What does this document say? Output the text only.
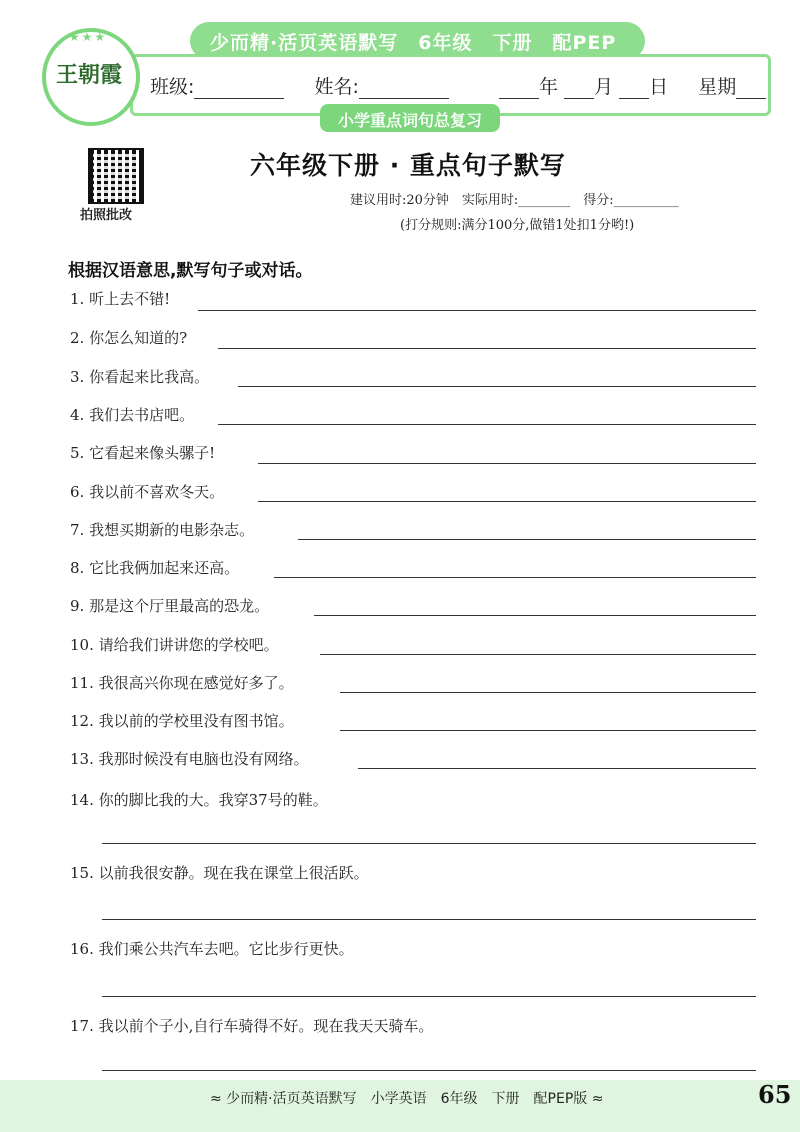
少而精·活页英语默写　6年级　下册　配PEP
班级:	姓名:	年 月 日 星期
小学重点词句总复习
★★★
王朝霞
拍照批改
六年级下册 · 重点句子默写
建议用时:20分钟　实际用时:________　得分:__________
(打分规则:满分100分,做错1处扣1分哟!)
根据汉语意思,默写句子或对话。
1. 听上去不错!
2. 你怎么知道的?
3. 你看起来比我高。
4. 我们去书店吧。
5. 它看起来像头骡子!
6. 我以前不喜欢冬天。
7. 我想买期新的电影杂志。
8. 它比我俩加起来还高。
9. 那是这个厅里最高的恐龙。
10. 请给我们讲讲您的学校吧。
11. 我很高兴你现在感觉好多了。
12. 我以前的学校里没有图书馆。
13. 我那时候没有电脑也没有网络。
14. 你的脚比我的大。我穿37号的鞋。
15. 以前我很安静。现在我在课堂上很活跃。
16. 我们乘公共汽车去吧。它比步行更快。
17. 我以前个子小,自行车骑得不好。现在我天天骑车。
≈ 少而精·活页英语默写　小学英语　6年级　下册　配PEP版 ≈	65
